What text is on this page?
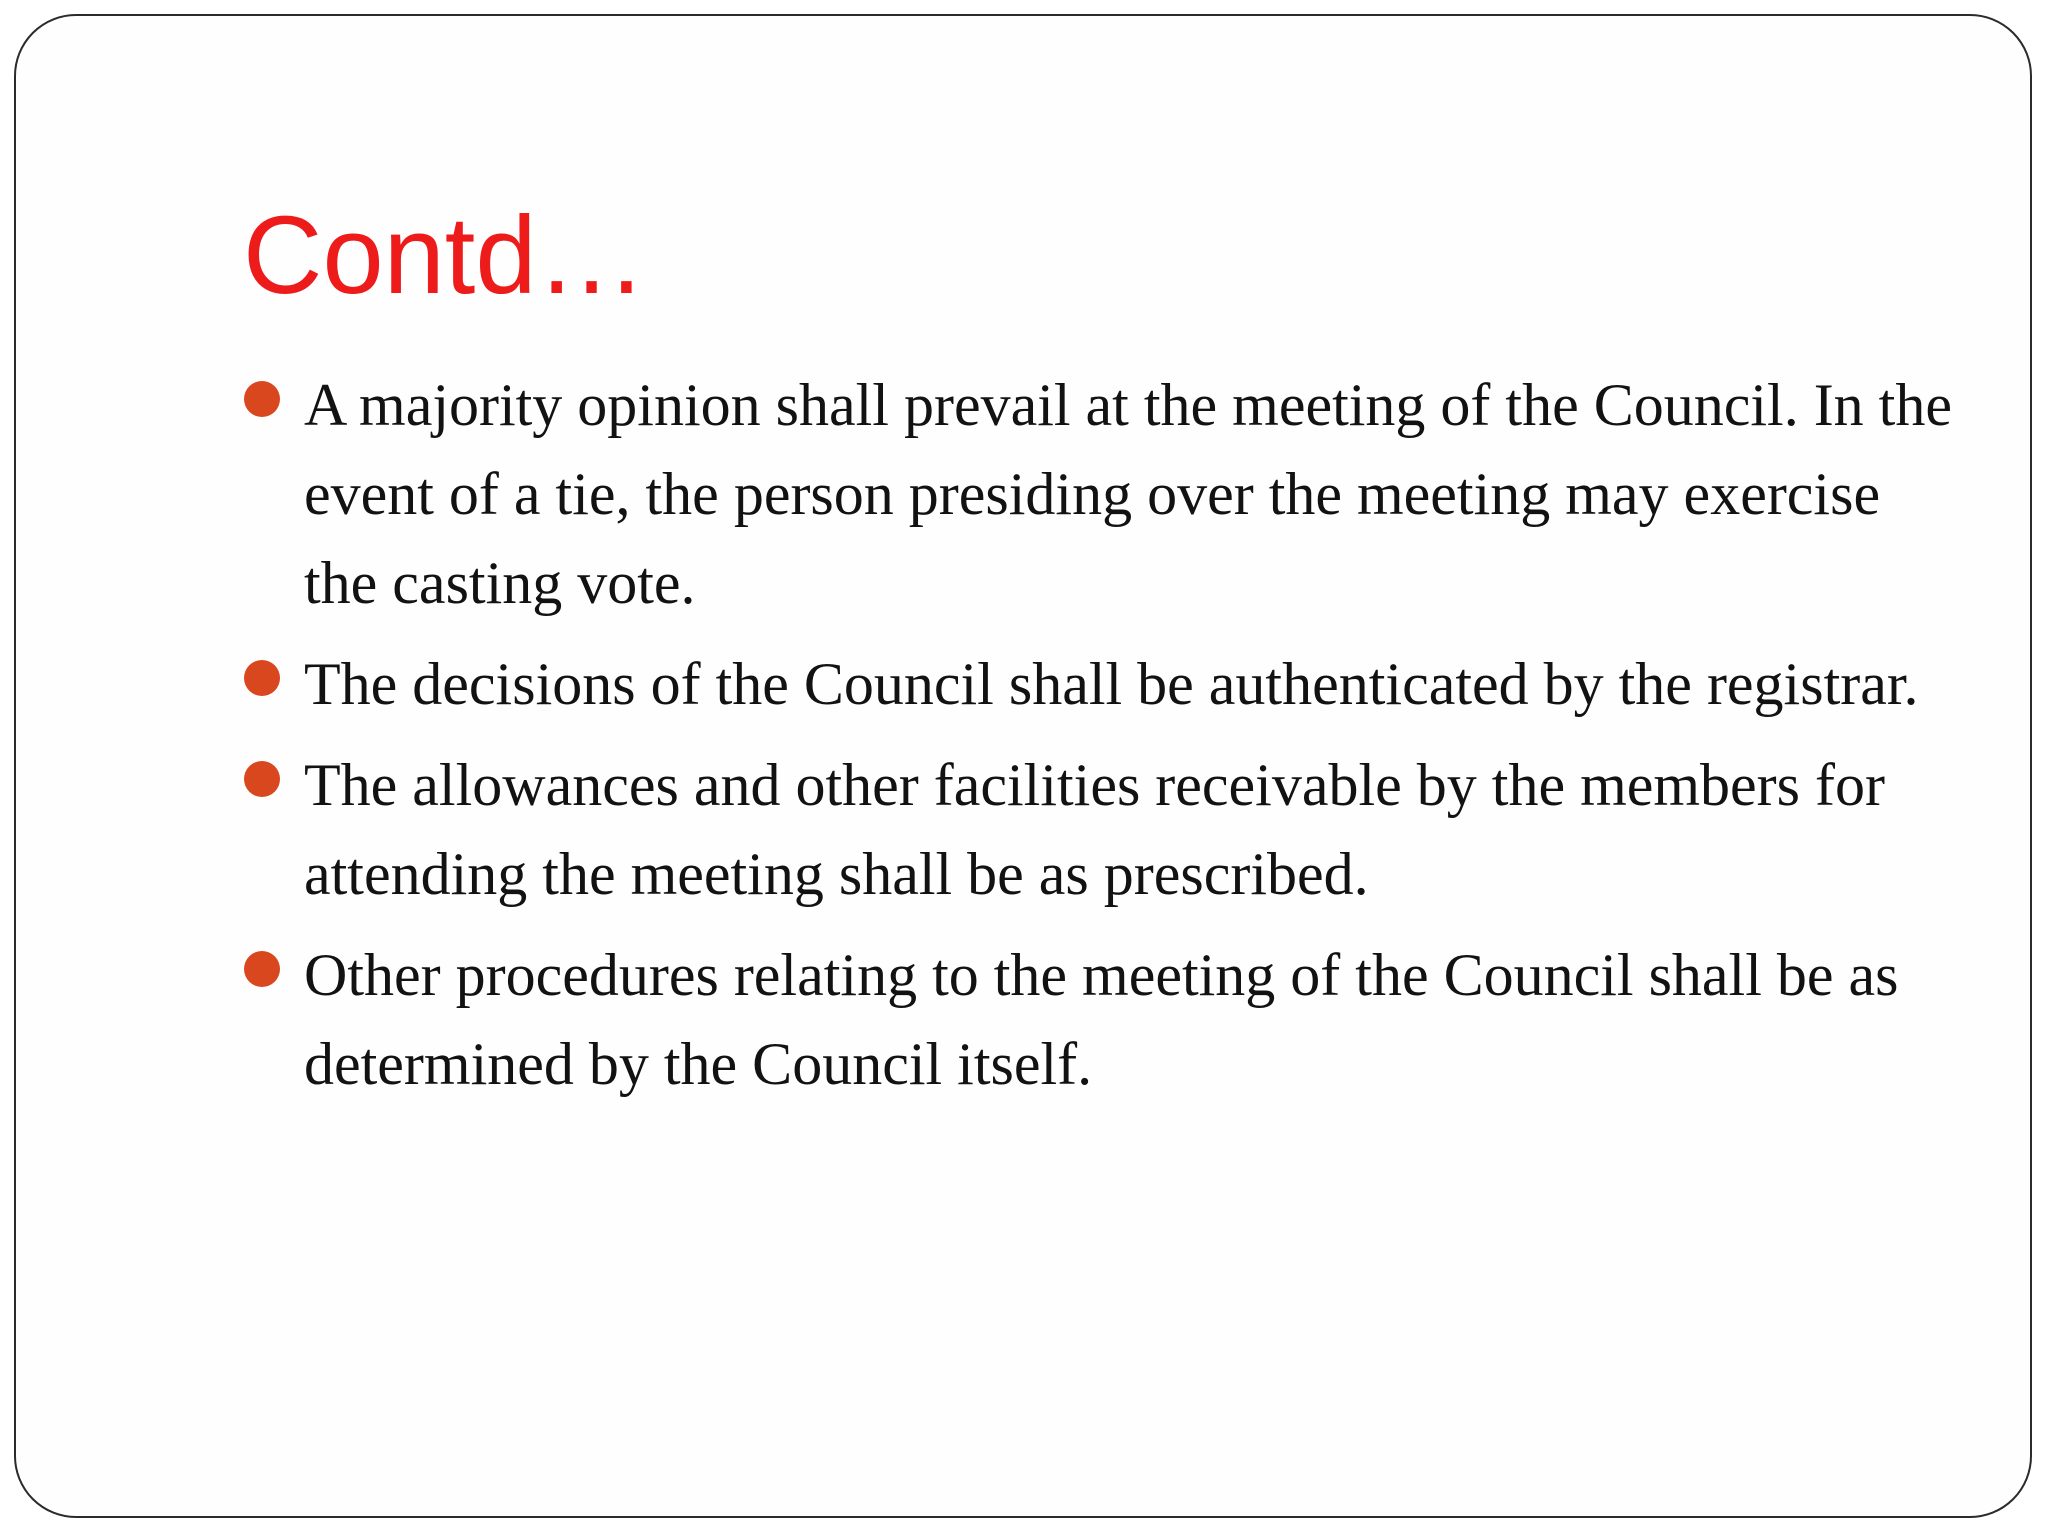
Contd…
A majority opinion shall prevail at the meeting of the Council. In the event of a tie, the person presiding over the meeting may exercise the casting vote.
The decisions of the Council shall be authenticated by the registrar.
The allowances and other facilities receivable by the members for attending the meeting shall be as prescribed.
Other procedures relating to the meeting of the Council shall be as determined by the Council itself.
